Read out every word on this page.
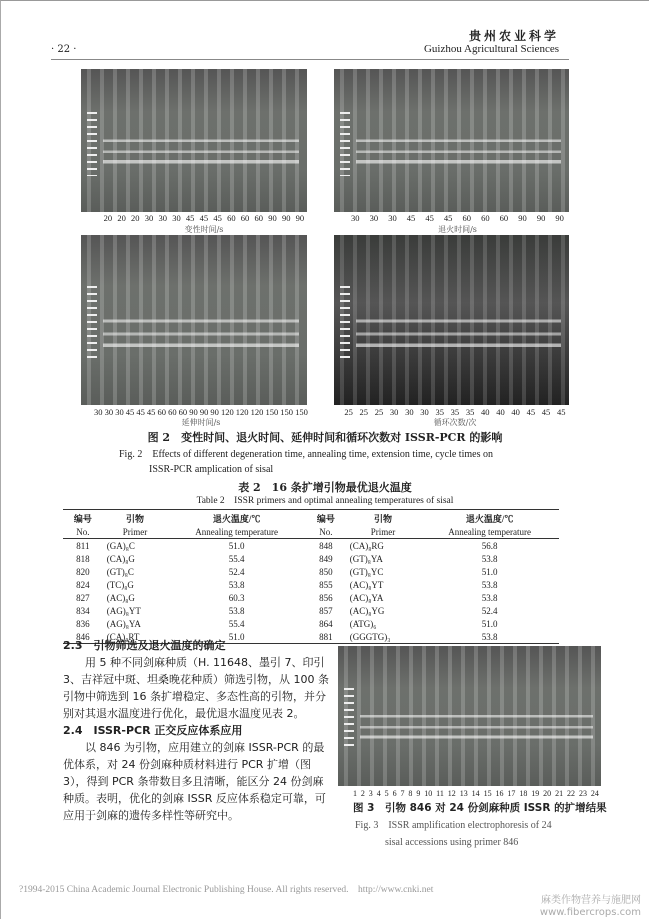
贵州农业科学
Guizhou Agricultural Sciences
· 22 ·
20 20 20 30 30 30 45 45 45 60 60 60 90 90 90
变性时间/s
30 30 30 45 45 45 60 60 60 90 90 90
退火时间/s
30 30 30 45 45 45 60 60 60 90 90 90 120 120 120 150 150 150
延伸时间/s
25 25 25 30 30 30 35 35 35 40 40 40 45 45 45
循环次数/次
图 2　变性时间、退火时间、延伸时间和循环次数对 ISSR-PCR 的影响
Fig. 2　Effects of different degeneration time, annealing time, extension time, cycle times on
ISSR-PCR amplication of sisal
表 2　16 条扩增引物最优退火温度
Table 2　ISSR primers and optimal annealing temperatures of sisal
编号	引物	退火温度/℃	编号	引物	退火温度/℃
No.	Primer	Annealing temperature	No.	Primer	Annealing temperature
811	(GA)₈C	51.0	848	(CA)₈RG	56.8
818	(CA)₈G	55.4	849	(GT)₈YA	53.8
820	(GT)₈C	52.4	850	(GT)₈YC	51.0
824	(TC)₈G	53.8	855	(AC)₈YT	53.8
827	(AC)₈G	60.3	856	(AC)₈YA	53.8
834	(AG)₈YT	53.8	857	(AC)₈YG	52.4
836	(AG)₈YA	55.4	864	(ATG)₆	51.0
846	(CA)₈RT	51.0	881	(GGGTG)₃	53.8
2.3　引物筛选及退火温度的确定
用 5 种不同剑麻种质（H. 11648、墨引 7、印引 3、吉祥冠中斑、坦桑晚花种质）筛选引物，从 100 条引物中筛选到 16 条扩增稳定、多态性高的引物，并分别对其退水温度进行优化，最优退水温度见表 2。
2.4　ISSR-PCR 正交反应体系应用
以 846 为引物，应用建立的剑麻 ISSR-PCR 的最优体系，对 24 份剑麻种质材料进行 PCR 扩增（图 3），得到 PCR 条带数目多且清晰，能区分 24 份剑麻种质。表明，优化的剑麻 ISSR 反应体系稳定可靠，可应用于剑麻的遗传多样性等研究中。
1 2 3 4 5 6 7 8 9 10 11 12 13 14 15 16 17 18 19 20 21 22 23 24
图 3　引物 846 对 24 份剑麻种质 ISSR 的扩增结果
Fig. 3　ISSR amplification electrophoresis of 24
sisal accessions using primer 846
?1994-2015 China Academic Journal Electronic Publishing House. All rights reserved.　http://www.cnki.net
麻类作物营养与施肥网
www.fibercrops.com
